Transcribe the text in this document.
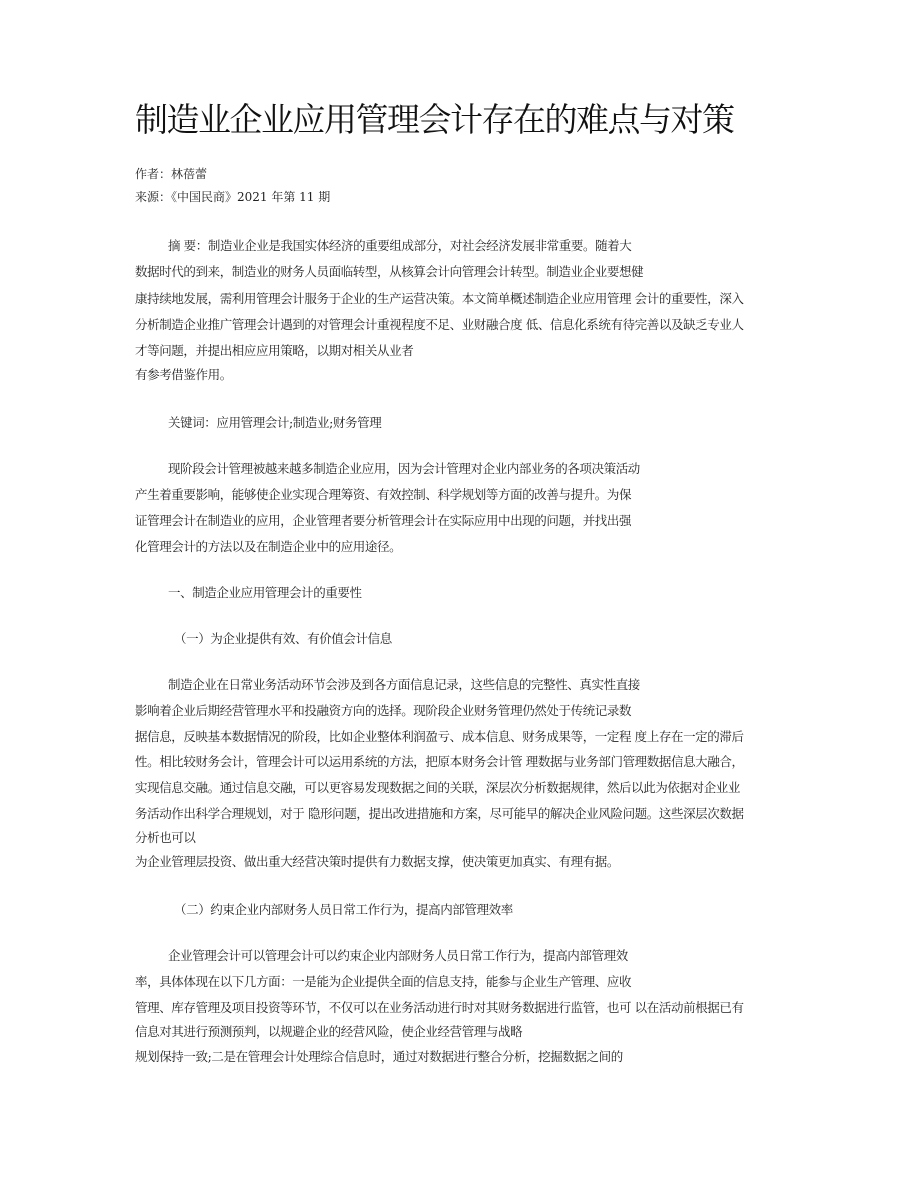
制造业企业应用管理会计存在的难点与对策
作者：林蓓蕾
来源：《中国民商》2021 年第 11 期
摘 要：制造业企业是我国实体经济的重要组成部分，对社会经济发展非常重要。随着大
数据时代的到来，制造业的财务人员面临转型，从核算会计向管理会计转型。制造业企业要想健
康持续地发展，需利用管理会计服务于企业的生产运营决策。本文简单概述制造企业应用管理 会计的重要性，深入
分析制造企业推广管理会计遇到的对管理会计重视程度不足、业财融合度 低、信息化系统有待完善以及缺乏专业人
才等问题，并提出相应应用策略，以期对相关从业者
有参考借鉴作用。
关键词：应用管理会计;制造业;财务管理
现阶段会计管理被越来越多制造企业应用，因为会计管理对企业内部业务的各项决策活动
产生着重要影响，能够使企业实现合理筹资、有效控制、科学规划等方面的改善与提升。为保
证管理会计在制造业的应用，企业管理者要分析管理会计在实际应用中出现的问题，并找出强
化管理会计的方法以及在制造企业中的应用途径。
一、制造企业应用管理会计的重要性
（一）为企业提供有效、有价值会计信息
制造企业在日常业务活动环节会涉及到各方面信息记录，这些信息的完整性、真实性直接
影响着企业后期经营管理水平和投融资方向的选择。现阶段企业财务管理仍然处于传统记录数
据信息，反映基本数据情况的阶段，比如企业整体利润盈亏、成本信息、财务成果等，一定程 度上存在一定的滞后
性。相比较财务会计，管理会计可以运用系统的方法，把原本财务会计管 理数据与业务部门管理数据信息大融合，
实现信息交融。通过信息交融，可以更容易发现数据之间的关联，深层次分析数据规律，然后以此为依据对企业业
务活动作出科学合理规划，对于 隐形问题，提出改进措施和方案，尽可能早的解决企业风险问题。这些深层次数据
分析也可以
为企业管理层投资、做出重大经营决策时提供有力数据支撑，使决策更加真实、有理有据。
（二）约束企业内部财务人员日常工作行为，提高内部管理效率
企业管理会计可以管理会计可以约束企业内部财务人员日常工作行为，提高内部管理效
率，具体体现在以下几方面：一是能为企业提供全面的信息支持，能参与企业生产管理、应收
管理、库存管理及项目投资等环节，不仅可以在业务活动进行时对其财务数据进行监管，也可 以在活动前根据已有
信息对其进行预测预判，以规避企业的经营风险，使企业经营管理与战略
规划保持一致;二是在管理会计处理综合信息时，通过对数据进行整合分析，挖掘数据之间的
